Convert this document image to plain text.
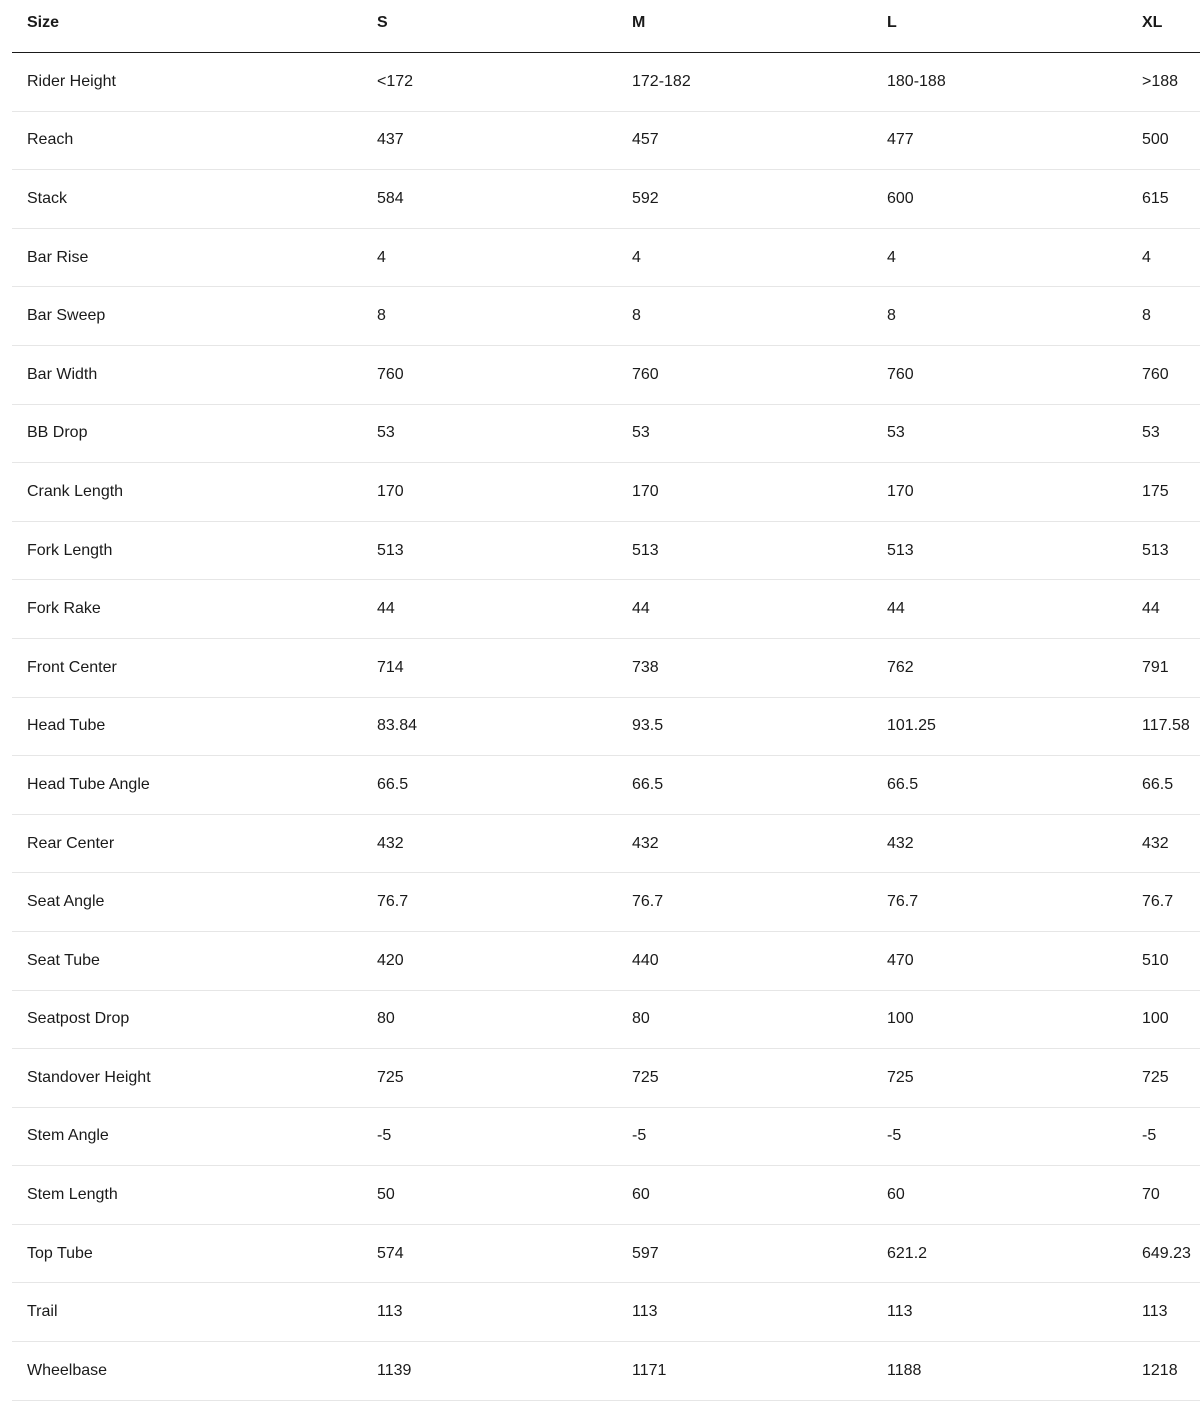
Size	S	M	L	XL
Rider Height	<172	172-182	180-188	>188
Reach	437	457	477	500
Stack	584	592	600	615
Bar Rise	4	4	4	4
Bar Sweep	8	8	8	8
Bar Width	760	760	760	760
BB Drop	53	53	53	53
Crank Length	170	170	170	175
Fork Length	513	513	513	513
Fork Rake	44	44	44	44
Front Center	714	738	762	791
Head Tube	83.84	93.5	101.25	117.58
Head Tube Angle	66.5	66.5	66.5	66.5
Rear Center	432	432	432	432
Seat Angle	76.7	76.7	76.7	76.7
Seat Tube	420	440	470	510
Seatpost Drop	80	80	100	100
Standover Height	725	725	725	725
Stem Angle	-5	-5	-5	-5
Stem Length	50	60	60	70
Top Tube	574	597	621.2	649.23
Trail	113	113	113	113
Wheelbase	1139	1171	1188	1218
